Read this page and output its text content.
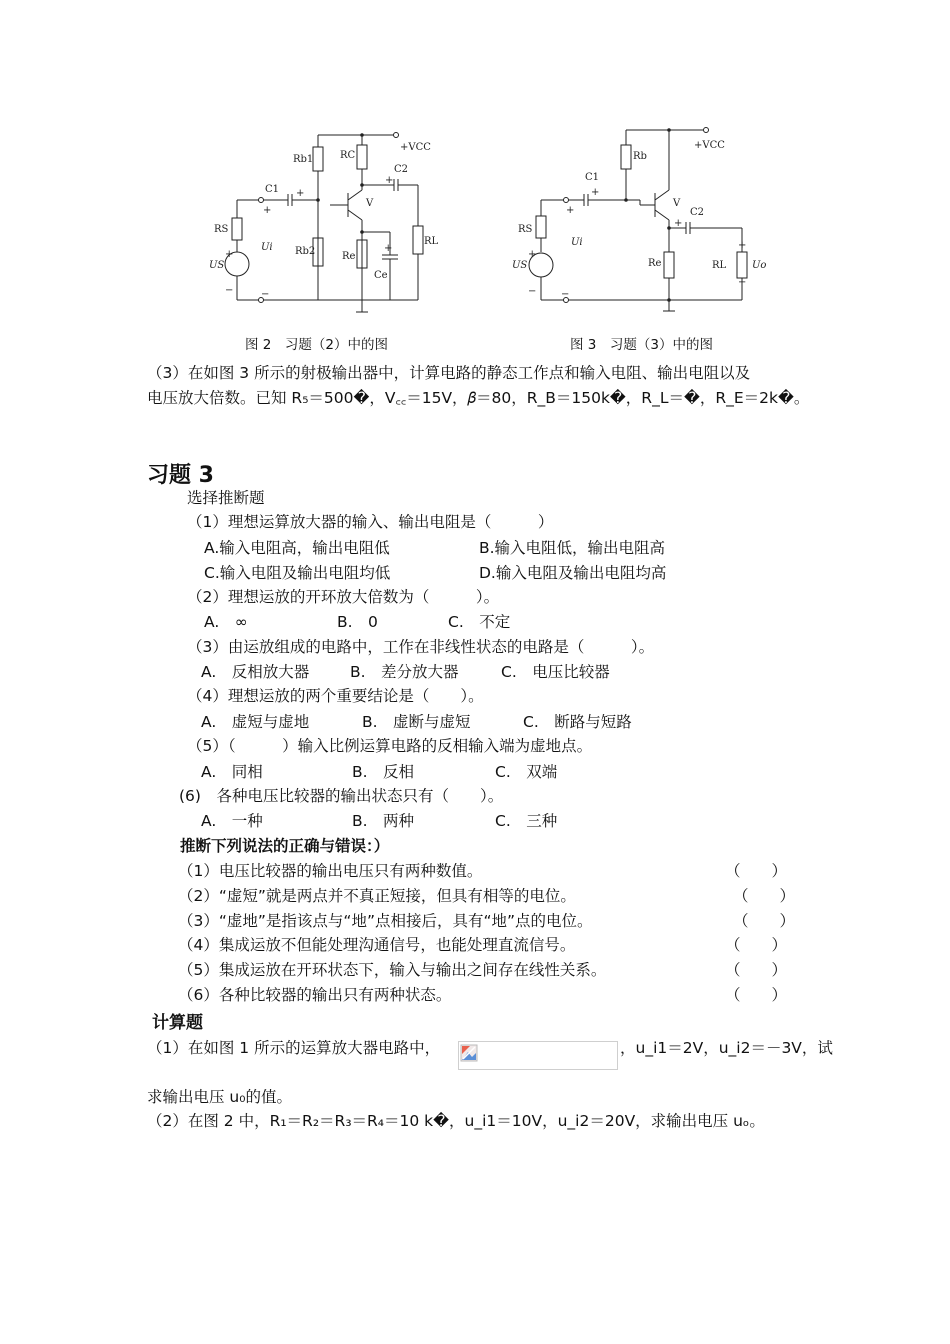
Rb1	RC
+VCC
C2
+
C1 +
+
V
RS
+
Ui
US
−	−
Rb2	Re
Ce
+
RL
图 2　习题（2）中的图
Rb
+VCC
C1
+
+
V
C2
+
RS
+
Ui
US
− −
Re	RL
+
Uo
−
图 3　习题（3）中的图
（3）在如图 3 所示的射极输出器中，计算电路的静态工作点和输入电阻、输出电阻以及
电压放大倍数。已知 R₅＝500�，V꜀꜀＝15V，𝛽＝80，R_B＝150k�，R_L＝�，R_E＝2k�。
习题 3
选择推断题
（1）理想运算放大器的输入、输出电阻是（　　　）
A.输入电阻高，输出电阻低	B.输入电阻低，输出电阻高
C.输入电阻及输出电阻均低	D.输入电阻及输出电阻均高
（2）理想运放的开环放大倍数为（　　　）。
A.　∞	B.　0	C.　不定
（3）由运放组成的电路中，工作在非线性状态的电路是（　　　）。
A.　反相放大器	B.　差分放大器	C.　电压比较器
（4）理想运放的两个重要结论是（　　）。
A.　虚短与虚地	B.　虚断与虚短	C.　断路与短路
（5）（　　　）输入比例运算电路的反相输入端为虚地点。
A.　同相	B.　反相	C.　双端
(6)　各种电压比较器的输出状态只有（　　）。
A.　一种	B.　两种	C.　三种
推断下列说法的正确与错误：）
（1）电压比较器的输出电压只有两种数值。	（　　）
（2）“虚短”就是两点并不真正短接，但具有相等的电位。	（　　）
（3）“虚地”是指该点与“地”点相接后，具有“地”点的电位。	（　　）
（4）集成运放不但能处理沟通信号，也能处理直流信号。	（　　）
（5）集成运放在开环状态下，输入与输出之间存在线性关系。	（　　）
（6）各种比较器的输出只有两种状态。	（　　）
计算题
（1）在如图 1 所示的运算放大器电路中，	，u_i1＝2V，u_i2＝－3V，试
求输出电压 u₀的值。
（2）在图 2 中，R₁＝R₂＝R₃＝R₄＝10 k�，u_i1＝10V，u_i2＝20V，求输出电压 uₒ。
